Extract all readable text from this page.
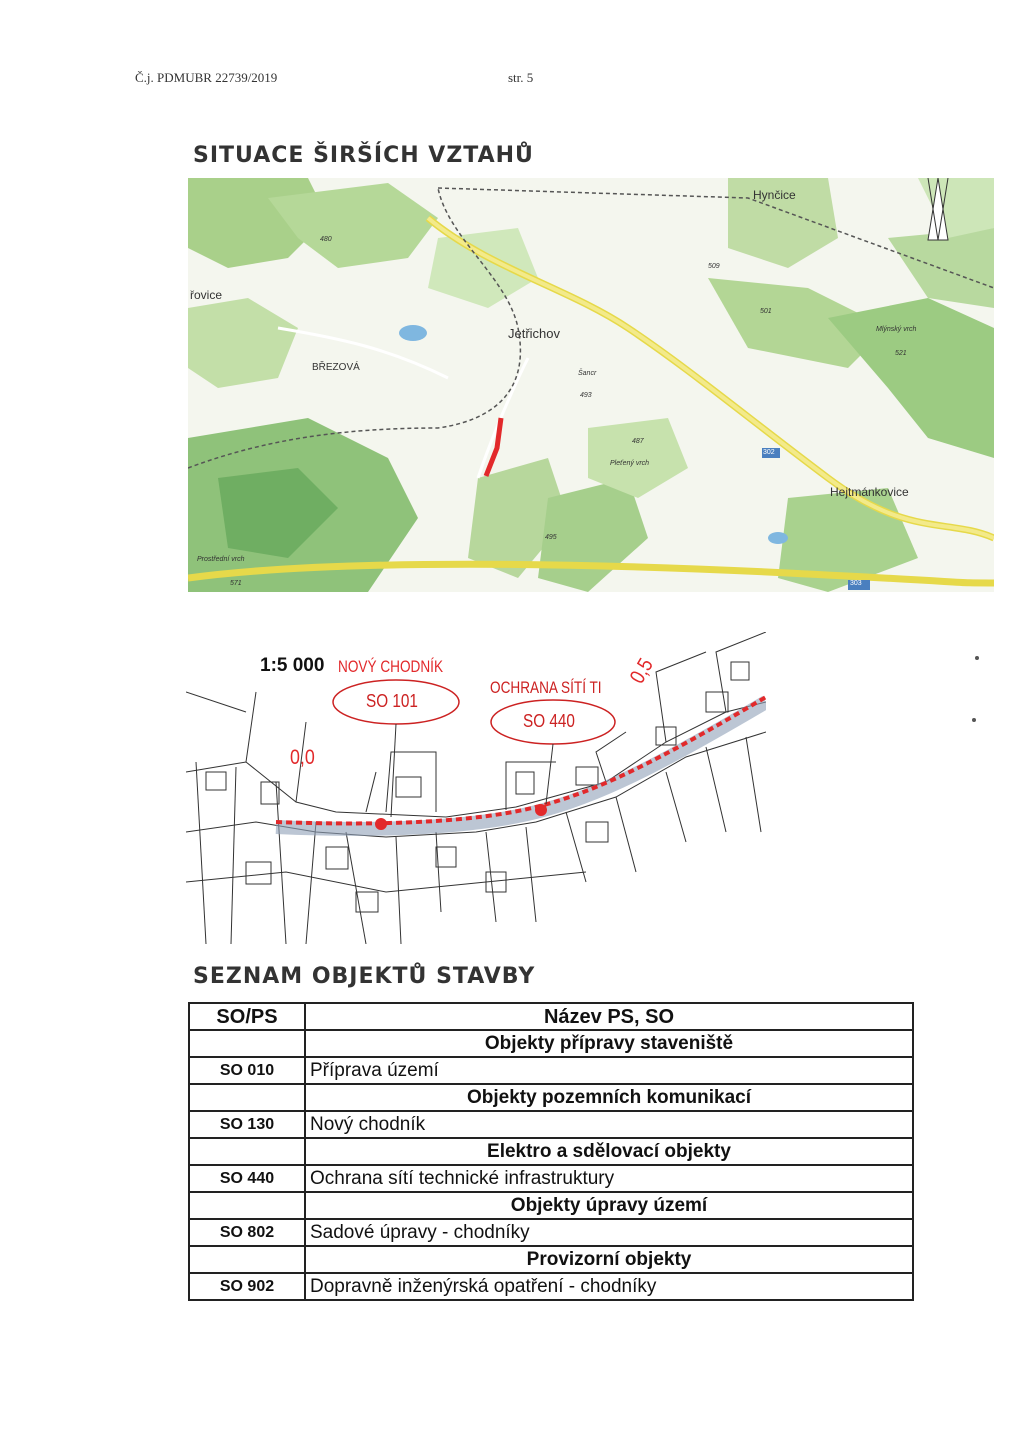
Č.j. PDMUBR 22739/2019	str. 5
SITUACE ŠIRŠÍCH VZTAHŮ
Hynčice
řovice
Jetřichov
BŘEZOVÁ
Hejtmánkovice
Prostřední vrch
Mlýnský vrch
Pleťený vrch
Šancr
480
509
501
521
493
487
495
571
302
303
1:5 000 NOVÝ CHODNÍK
SO 101
OCHRANA SÍTÍ TI
SO 440
0,0
0,5
SEZNAM OBJEKTŮ STAVBY
SO/PS	Název PS, SO
	Objekty přípravy staveniště
SO 010	Příprava území
	Objekty pozemních komunikací
SO 130	Nový chodník
	Elektro a sdělovací objekty
SO 440	Ochrana sítí technické infrastruktury
	Objekty úpravy území
SO 802	Sadové úpravy - chodníky
	Provizorní objekty
SO 902	Dopravně inženýrská opatření - chodníky
